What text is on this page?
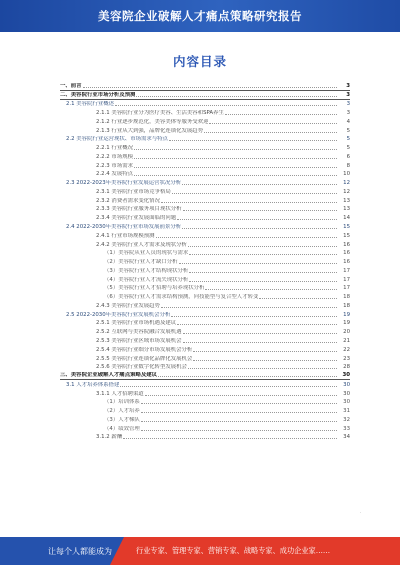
美容院企业破解人才痛点策略研究报告
内容目录
一、前言	3
二、美容院行业市场分析及预测	3
2.1 美容院行业概述	3
2.1.1 美容院行业分为医疗美容、生活美容和SPA养生	3
2.1.2 行业逐步规范化，美容美体等服务受欢迎	4
2.1.3 行业从大到强，品牌化连锁化发展趋势	5
2.2 美容院行业运营现状、市场需求与特点	5
2.2.1 行业概况	5
2.2.2 市场规模	6
2.2.3 市场需求	8
2.2.4 发展特点	10
2.3 2022-2023年美容院行业发展运营状况分析	12
2.3.1 美容院行业市场竞争格局	12
2.3.2 消费者需求变化情况	13
2.3.3 美容院行业服务项目现状分析	13
2.3.4 美容院行业发展面临的问题	14
2.4 2022-2030年美容院行业市场发展前景分析	15
2.4.1 行业市场规模预测	15
2.4.2 美容院行业人才需求及现状分析	16
（1）美容院从业人员的现状与需求	16
（2）美容院行业人才缺口分析	16
（3）美容院行业人才结构现状分析	17
（4）美容院行业人才流失现状分析	17
（5）美容院行业人才招聘与培养现状分析	17
（6）美容院行业人才需求结构预测，向技能型与复合型人才转变	18
2.4.3 美容院行业发展趋势	18
2.5 2022-2030年美容院行业发展机会分析	19
2.5.1 美容院行业市场机遇及建议	19
2.5.2 互联网与美容院融合发展机遇	20
2.5.3 美容院行业区域市场发展机会	21
2.5.4 美容院行业细分市场发展机会分析	22
2.5.5 美容院行业连锁化品牌化发展机会	23
2.5.6 美容院行业数字化转型发展机会	28
三、美容院企业破解人才痛点策略及建议	30
3.1 人才培养体系搭建	30
3.1.1 人才招聘渠道	30
（1）培训体系	30
（2）人才培养	31
（3）人才梯队	32
（4）绩效管理	33
3.1.2 薪酬	34
·
让每个人都能成为	行业专家、管理专家、营销专家、战略专家、成功企业家……
